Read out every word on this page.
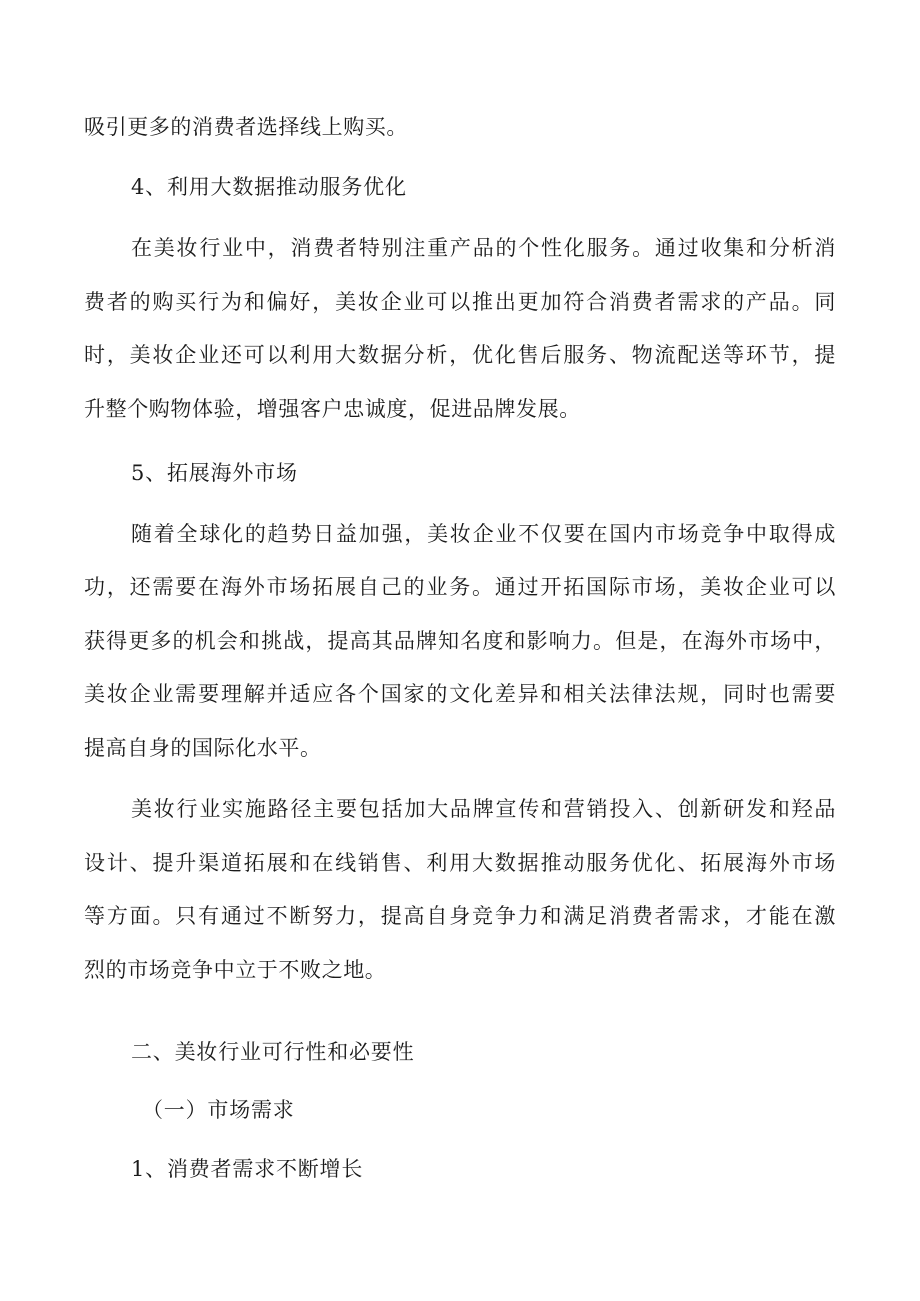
吸引更多的消费者选择线上购买。
4、利用大数据推动服务优化
在美妆行业中，消费者特别注重产品的个性化服务。通过收集和分析消
费者的购买行为和偏好，美妆企业可以推出更加符合消费者需求的产品。同
时，美妆企业还可以利用大数据分析，优化售后服务、物流配送等环节，提
升整个购物体验，增强客户忠诚度，促进品牌发展。
5、拓展海外市场
随着全球化的趋势日益加强，美妆企业不仅要在国内市场竞争中取得成
功，还需要在海外市场拓展自己的业务。通过开拓国际市场，美妆企业可以
获得更多的机会和挑战，提高其品牌知名度和影响力。但是，在海外市场中，
美妆企业需要理解并适应各个国家的文化差异和相关法律法规，同时也需要
提高自身的国际化水平。
美妆行业实施路径主要包括加大品牌宣传和营销投入、创新研发和羟品
设计、提升渠道拓展和在线销售、利用大数据推动服务优化、拓展海外市场
等方面。只有通过不断努力，提高自身竞争力和满足消费者需求，才能在激
烈的市场竞争中立于不败之地。
二、美妆行业可行性和必要性
（一）市场需求
1、消费者需求不断增长
